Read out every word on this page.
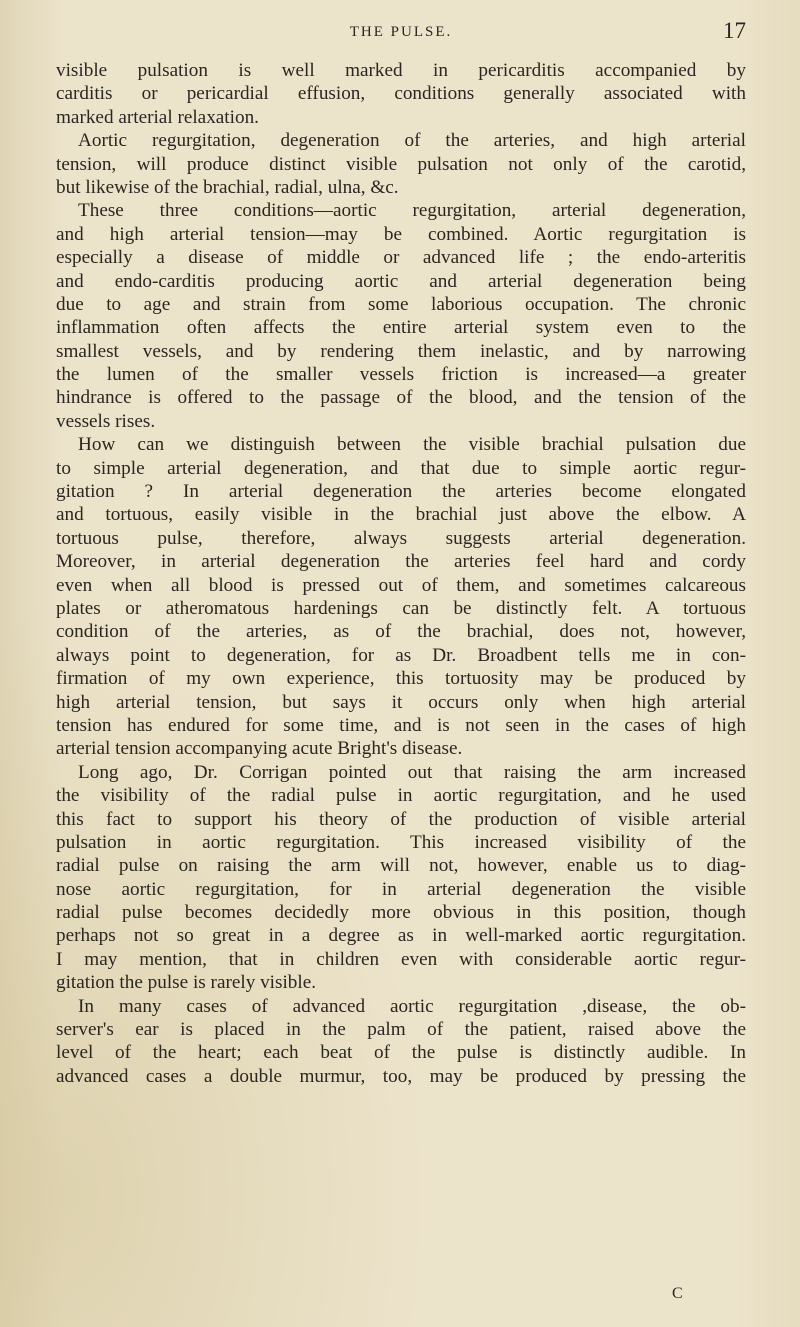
THE PULSE.	17
visible pulsation is well marked in pericarditis accompanied by
carditis or pericardial effusion, conditions generally associated with
marked arterial relaxation.
Aortic regurgitation, degeneration of the arteries, and high arterial
tension, will produce distinct visible pulsation not only of the carotid,
but likewise of the brachial, radial, ulna, &c.
These three conditions—aortic regurgitation, arterial degeneration,
and high arterial tension—may be combined. Aortic regurgitation is
especially a disease of middle or advanced life ; the endo-arteritis
and endo-carditis producing aortic and arterial degeneration being
due to age and strain from some laborious occupation. The chronic
inflammation often affects the entire arterial system even to the
smallest vessels, and by rendering them inelastic, and by narrowing
the lumen of the smaller vessels friction is increased—a greater
hindrance is offered to the passage of the blood, and the tension of the
vessels rises.
How can we distinguish between the visible brachial pulsation due
to simple arterial degeneration, and that due to simple aortic regur-
gitation ? In arterial degeneration the arteries become elongated
and tortuous, easily visible in the brachial just above the elbow. A
tortuous pulse, therefore, always suggests arterial degeneration.
Moreover, in arterial degeneration the arteries feel hard and cordy
even when all blood is pressed out of them, and sometimes calcareous
plates or atheromatous hardenings can be distinctly felt. A tortuous
condition of the arteries, as of the brachial, does not, however,
always point to degeneration, for as Dr. Broadbent tells me in con-
firmation of my own experience, this tortuosity may be produced by
high arterial tension, but says it occurs only when high arterial
tension has endured for some time, and is not seen in the cases of high
arterial tension accompanying acute Bright's disease.
Long ago, Dr. Corrigan pointed out that raising the arm increased
the visibility of the radial pulse in aortic regurgitation, and he used
this fact to support his theory of the production of visible arterial
pulsation in aortic regurgitation. This increased visibility of the
radial pulse on raising the arm will not, however, enable us to diag-
nose aortic regurgitation, for in arterial degeneration the visible
radial pulse becomes decidedly more obvious in this position, though
perhaps not so great in a degree as in well-marked aortic regurgitation.
I may mention, that in children even with considerable aortic regur-
gitation the pulse is rarely visible.
In many cases of advanced aortic regurgitation ,disease, the ob-
server's ear is placed in the palm of the patient, raised above the
level of the heart; each beat of the pulse is distinctly audible. In
advanced cases a double murmur, too, may be produced by pressing the
C
